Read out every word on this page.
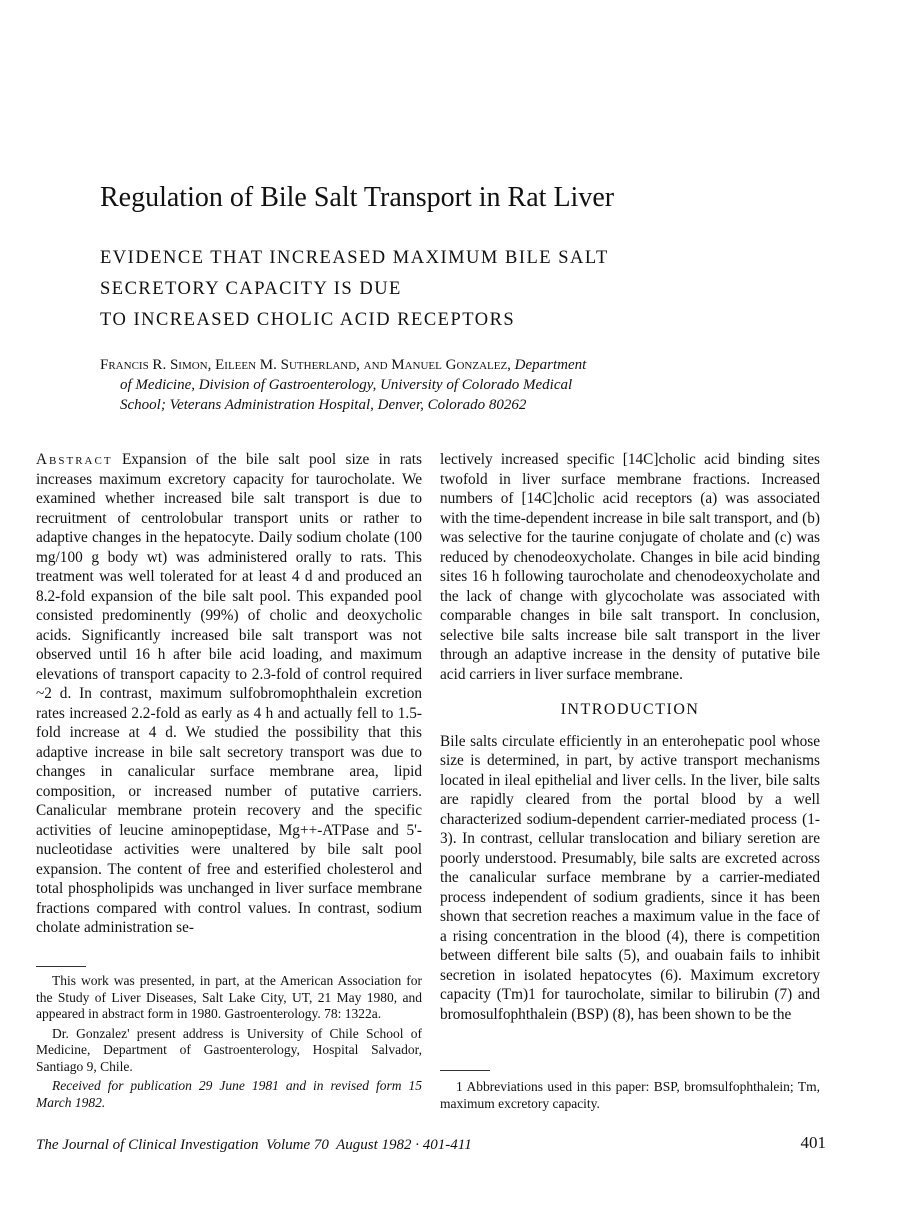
Regulation of Bile Salt Transport in Rat Liver
EVIDENCE THAT INCREASED MAXIMUM BILE SALT
SECRETORY CAPACITY IS DUE
TO INCREASED CHOLIC ACID RECEPTORS
Francis R. Simon, Eileen M. Sutherland, and Manuel Gonzalez, Department
of Medicine, Division of Gastroenterology, University of Colorado Medical
School; Veterans Administration Hospital, Denver, Colorado 80262

Abstract Expansion of the bile salt pool size in rats increases maximum excretory capacity for taurocholate. We examined whether increased bile salt transport is due to recruitment of centrolobular transport units or rather to adaptive changes in the hepatocyte. Daily sodium cholate (100 mg/100 g body wt) was administered orally to rats. This treatment was well tolerated for at least 4 d and produced an 8.2-fold expansion of the bile salt pool. This expanded pool consisted predominently (99%) of cholic and deoxycholic acids. Significantly increased bile salt transport was not observed until 16 h after bile acid loading, and maximum elevations of transport capacity to 2.3-fold of control required ~2 d. In contrast, maximum sulfobromophthalein excretion rates increased 2.2-fold as early as 4 h and actually fell to 1.5-fold increase at 4 d. We studied the possibility that this adaptive increase in bile salt secretory transport was due to changes in canalicular surface membrane area, lipid composition, or increased number of putative carriers. Canalicular membrane protein recovery and the specific activities of leucine aminopeptidase, Mg++-ATPase and 5'-nucleotidase activities were unaltered by bile salt pool expansion. The content of free and esterified cholesterol and total phospholipids was unchanged in liver surface membrane fractions compared with control values. In contrast, sodium cholate administration se-

lectively increased specific [14C]cholic acid binding sites twofold in liver surface membrane fractions. Increased numbers of [14C]cholic acid receptors (a) was associated with the time-dependent increase in bile salt transport, and (b) was selective for the taurine conjugate of cholate and (c) was reduced by chenodeoxycholate. Changes in bile acid binding sites 16 h following taurocholate and chenodeoxycholate and the lack of change with glycocholate was associated with comparable changes in bile salt transport. In conclusion, selective bile salts increase bile salt transport in the liver through an adaptive increase in the density of putative bile acid carriers in liver surface membrane.

INTRODUCTION

Bile salts circulate efficiently in an enterohepatic pool whose size is determined, in part, by active transport mechanisms located in ileal epithelial and liver cells. In the liver, bile salts are rapidly cleared from the portal blood by a well characterized sodium-dependent carrier-mediated process (1-3). In contrast, cellular translocation and biliary seretion are poorly understood. Presumably, bile salts are excreted across the canalicular surface membrane by a carrier-mediated process independent of sodium gradients, since it has been shown that secretion reaches a maximum value in the face of a rising concentration in the blood (4), there is competition between different bile salts (5), and ouabain fails to inhibit secretion in isolated hepatocytes (6). Maximum excretory capacity (Tm)1 for taurocholate, similar to bilirubin (7) and bromosulfophthalein (BSP) (8), has been shown to be the

This work was presented, in part, at the American Association for the Study of Liver Diseases, Salt Lake City, UT, 21 May 1980, and appeared in abstract form in 1980. Gastroenterology. 78: 1322a.

Dr. Gonzalez' present address is University of Chile School of Medicine, Department of Gastroenterology, Hospital Salvador, Santiago 9, Chile.

Received for publication 29 June 1981 and in revised form 15 March 1982.

1 Abbreviations used in this paper: BSP, bromsulfophthalein; Tm, maximum excretory capacity.

The Journal of Clinical Investigation Volume 70 August 1982 · 401-411	401
